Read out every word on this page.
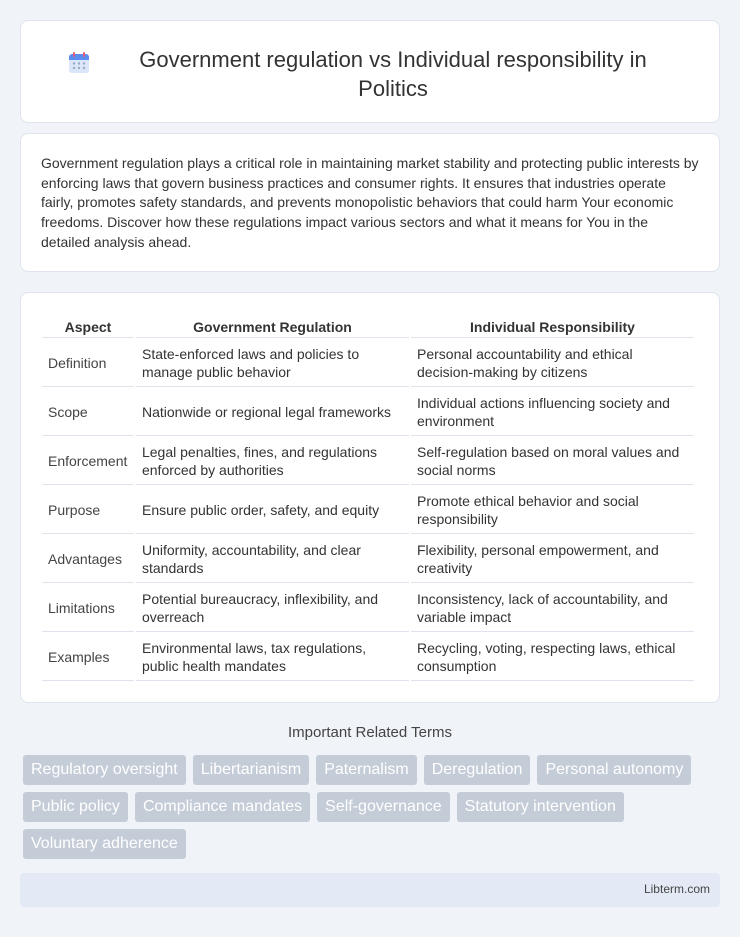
Government regulation vs Individual responsibility in Politics

Government regulation plays a critical role in maintaining market stability and protecting public interests by enforcing laws that govern business practices and consumer rights. It ensures that industries operate fairly, promotes safety standards, and prevents monopolistic behaviors that could harm Your economic freedoms. Discover how these regulations impact various sectors and what it means for You in the detailed analysis ahead.

Aspect	Government Regulation	Individual Responsibility
Definition	State-enforced laws and policies to manage public behavior	Personal accountability and ethical decision-making by citizens
Scope	Nationwide or regional legal frameworks	Individual actions influencing society and environment
Enforcement	Legal penalties, fines, and regulations enforced by authorities	Self-regulation based on moral values and social norms
Purpose	Ensure public order, safety, and equity	Promote ethical behavior and social responsibility
Advantages	Uniformity, accountability, and clear standards	Flexibility, personal empowerment, and creativity
Limitations	Potential bureaucracy, inflexibility, and overreach	Inconsistency, lack of accountability, and variable impact
Examples	Environmental laws, tax regulations, public health mandates	Recycling, voting, respecting laws, ethical consumption
Important Related Terms
Regulatory oversight	Libertarianism	Paternalism	Deregulation	Personal autonomy
Public policy	Compliance mandates	Self-governance	Statutory intervention
Voluntary adherence
Libterm.com
